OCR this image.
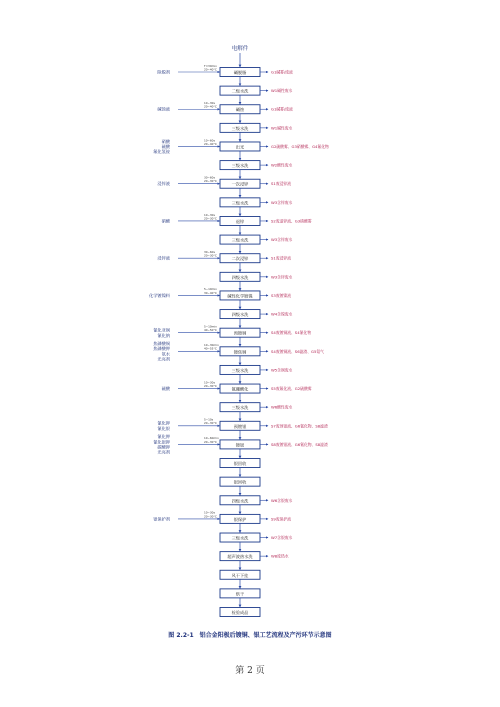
电解件
碱脱脂
除脱剂
T=30min
20~40°C
G1碱雾/废液
二级水洗	W1碱性废水
碱蚀
碱蚀液
10~30s
20~40°C
G1碱雾/废液
三级水洗	W1碱性废水
出光
硝酸
硫酸
氟化氢铵
10~60s
20~40°C
G2硫酸雾、G3硝酸雾、G4氟化物
三级水洗	W2酸性废水
一次浸锌
浸锌液
30~60s
20~30°C
S1废浸锌液
三级水洗	W3含锌废水
退锌
硝酸
10~30s
20~30°C
S2废退锌液、G3硝酸雾
三级水洗	W3含锌废水
二次浸锌
浸锌液
30~60s
20~30°C
S1废浸锌液
四级水洗	W3含锌废水
碱性化学镀镍
化学镀镍料
5~10min
30~40°C
S3废镀镍液
四级水洗	W4含镍废水
预镀铜
氰化亚铜
氰化钠
5~10min
40~50°C
S4废镀铜液、S4氰化物
镀焦铜
焦磷酸铜
焦磷酸钾
氨水
光亮剂
10~30min
40~55°C
S4废镀铜液、S6滤渣、G5氨气
三级水洗	W5含铜废水
氟硼酸化
硫酸
10~30s
20~30°C
S5废氟化液、G2硫酸雾
三级水洗	W6酸性废水
预镀银
氰化钾
氰化银
5~10s
20~30°C
S7废预银液、G6氰化物、S8滤渣
镀银
氰化钾
氰化银钾
碳酸钾
光亮剂
10~60min
20~30°C
S8废镀银液、G6氰化物、S8滤渣
银回收
银回收
四级水洗	W6含银废水
银保护
银保护剂
10~30s
20~30°C
S9废保护液
三级水洗	W7含银废水
超声波热水洗	W8废热水
风干下挂
烘干
检验成品
图 2.2-1　铝合金阳极后镀铜、银工艺流程及产污环节示意图
第 2 页
